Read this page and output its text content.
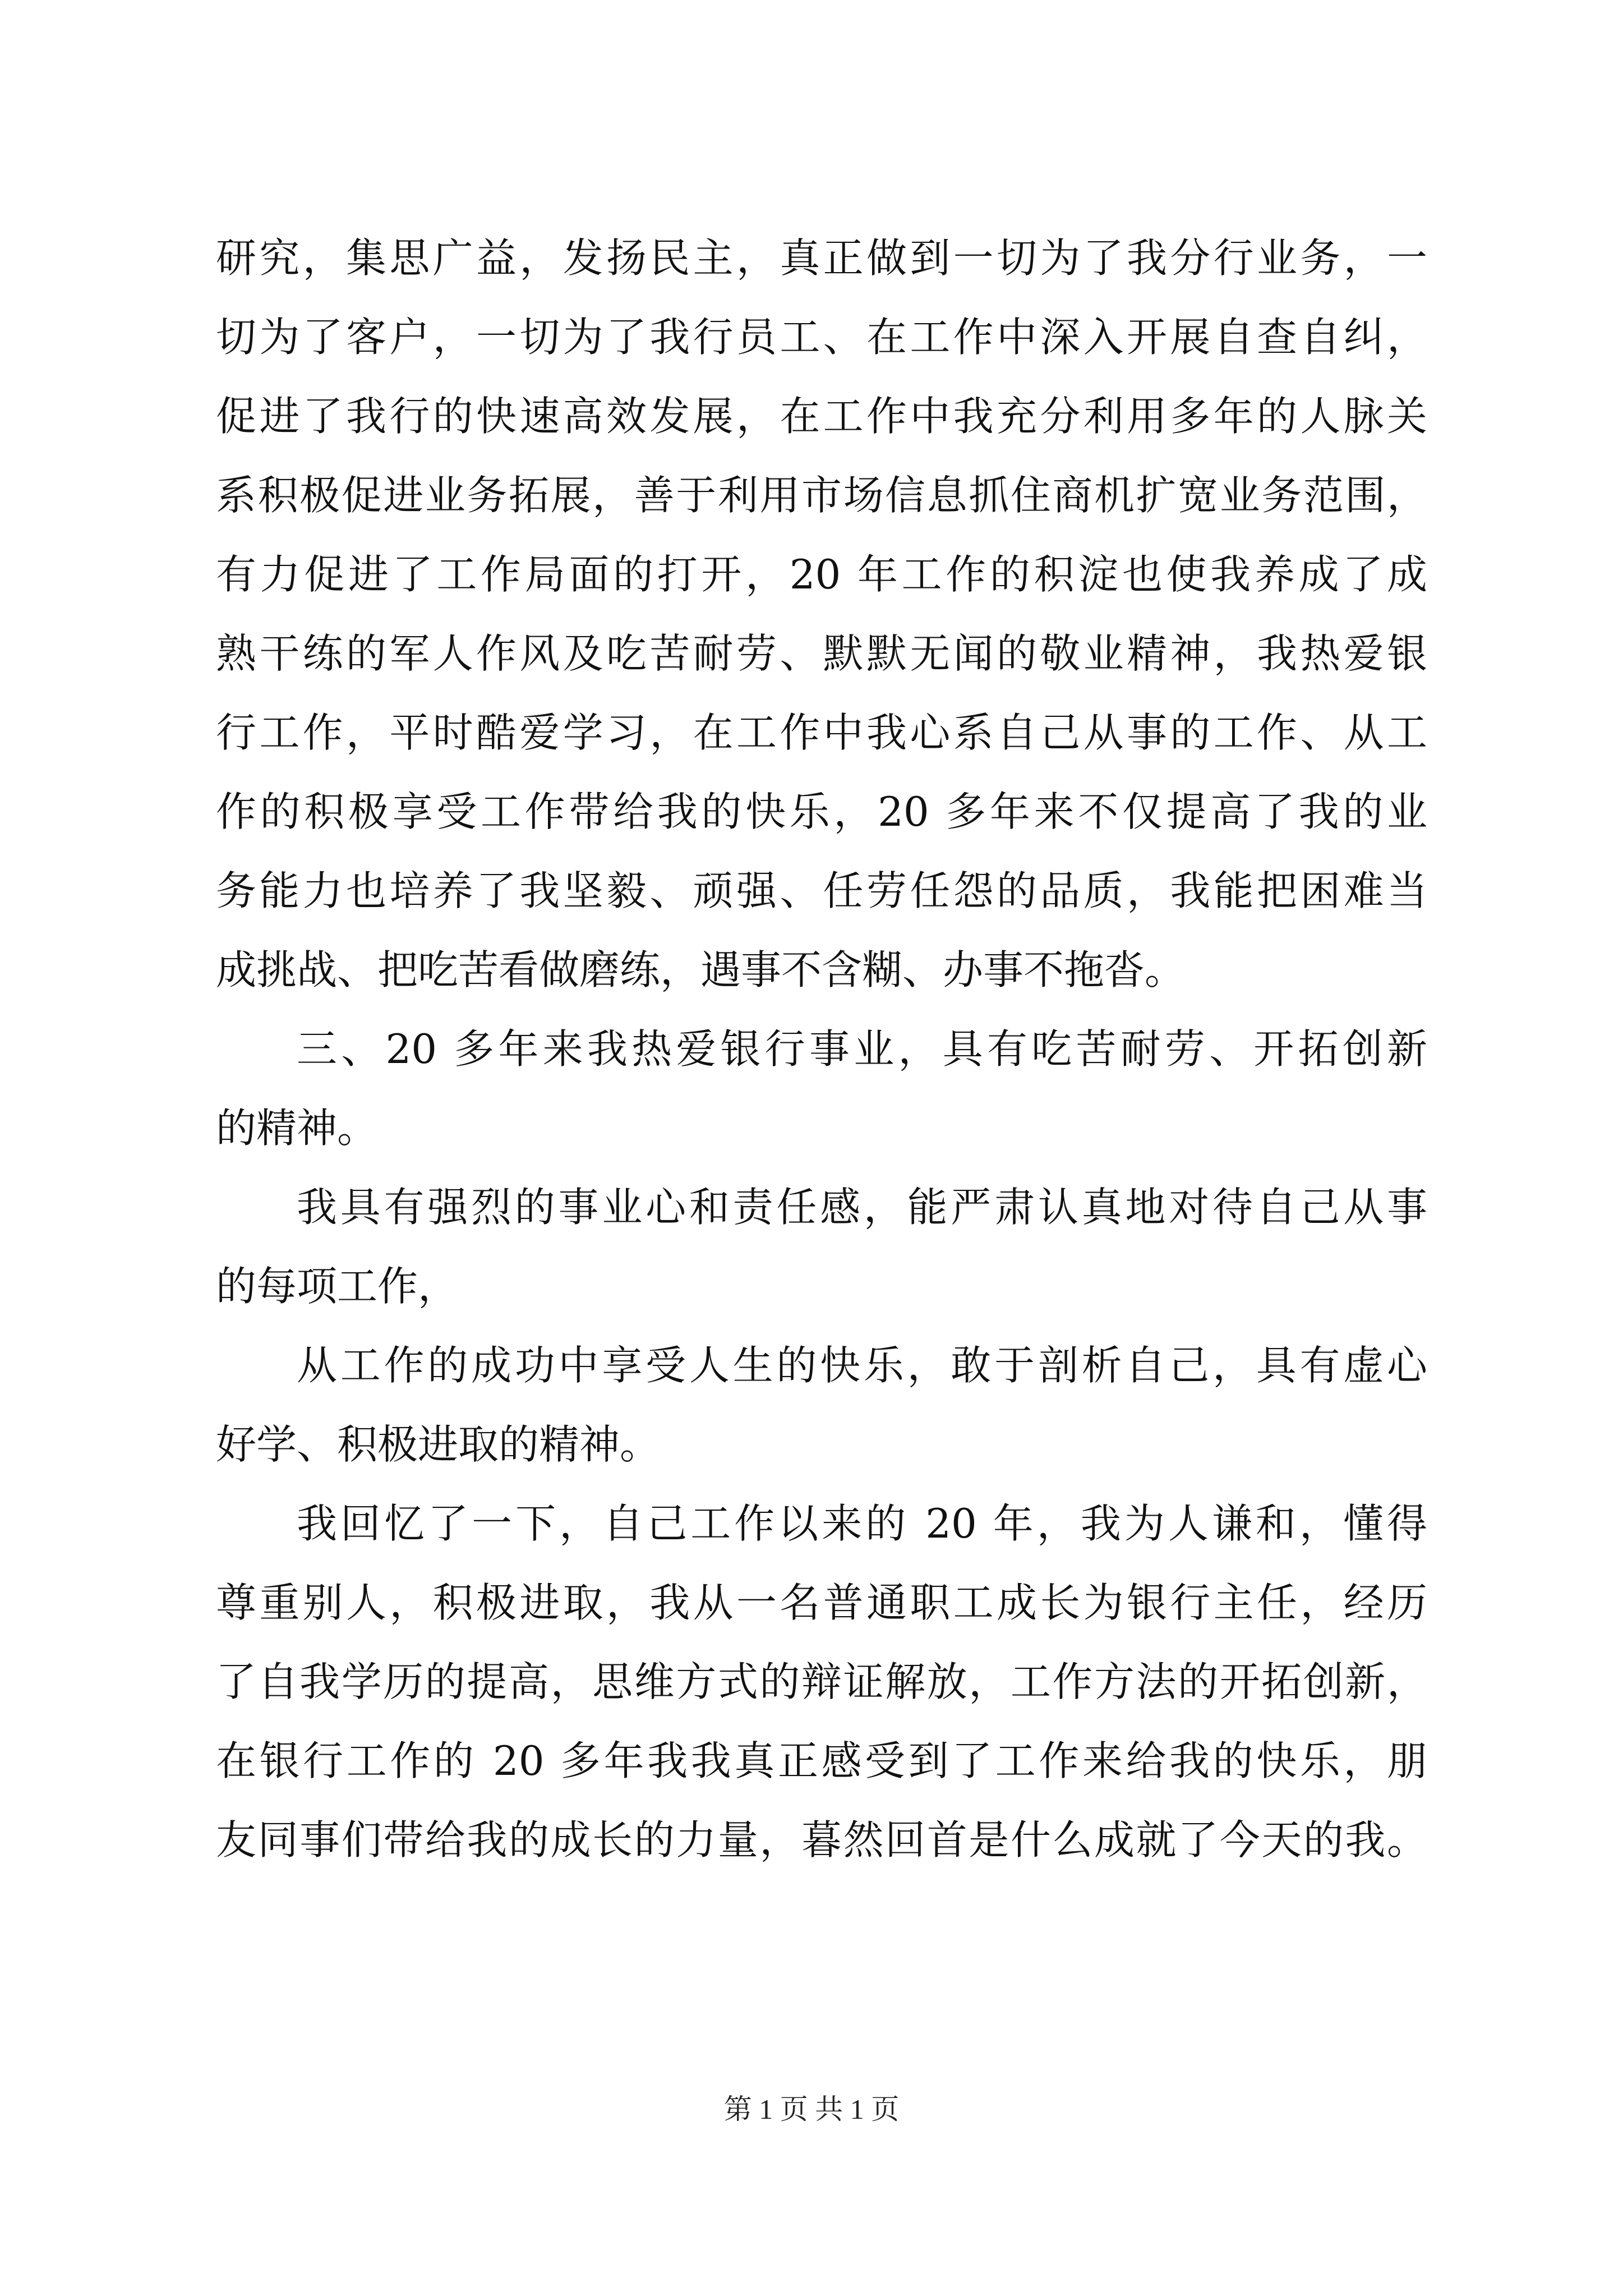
研究，集思广益，发扬民主，真正做到一切为了我分行业务，一
切为了客户，一切为了我行员工、在工作中深入开展自查自纠，
促进了我行的快速高效发展，在工作中我充分利用多年的人脉关
系积极促进业务拓展，善于利用市场信息抓住商机扩宽业务范围，
有力促进了工作局面的打开，20 年工作的积淀也使我养成了成
熟干练的军人作风及吃苦耐劳、默默无闻的敬业精神，我热爱银
行工作，平时酷爱学习，在工作中我心系自己从事的工作、从工
作的积极享受工作带给我的快乐，20 多年来不仅提高了我的业
务能力也培养了我坚毅、顽强、任劳任怨的品质，我能把困难当
成挑战、把吃苦看做磨练，遇事不含糊、办事不拖沓。
三、20 多年来我热爱银行事业，具有吃苦耐劳、开拓创新
的精神。
我具有强烈的事业心和责任感，能严肃认真地对待自己从事
的每项工作，
从工作的成功中享受人生的快乐，敢于剖析自己，具有虚心
好学、积极进取的精神。
我回忆了一下，自己工作以来的 20 年，我为人谦和，懂得
尊重别人，积极进取，我从一名普通职工成长为银行主任，经历
了自我学历的提高，思维方式的辩证解放，工作方法的开拓创新，
在银行工作的 20 多年我我真正感受到了工作来给我的快乐，朋
友同事们带给我的成长的力量，暮然回首是什么成就了今天的我。
第 1 页 共 1 页
